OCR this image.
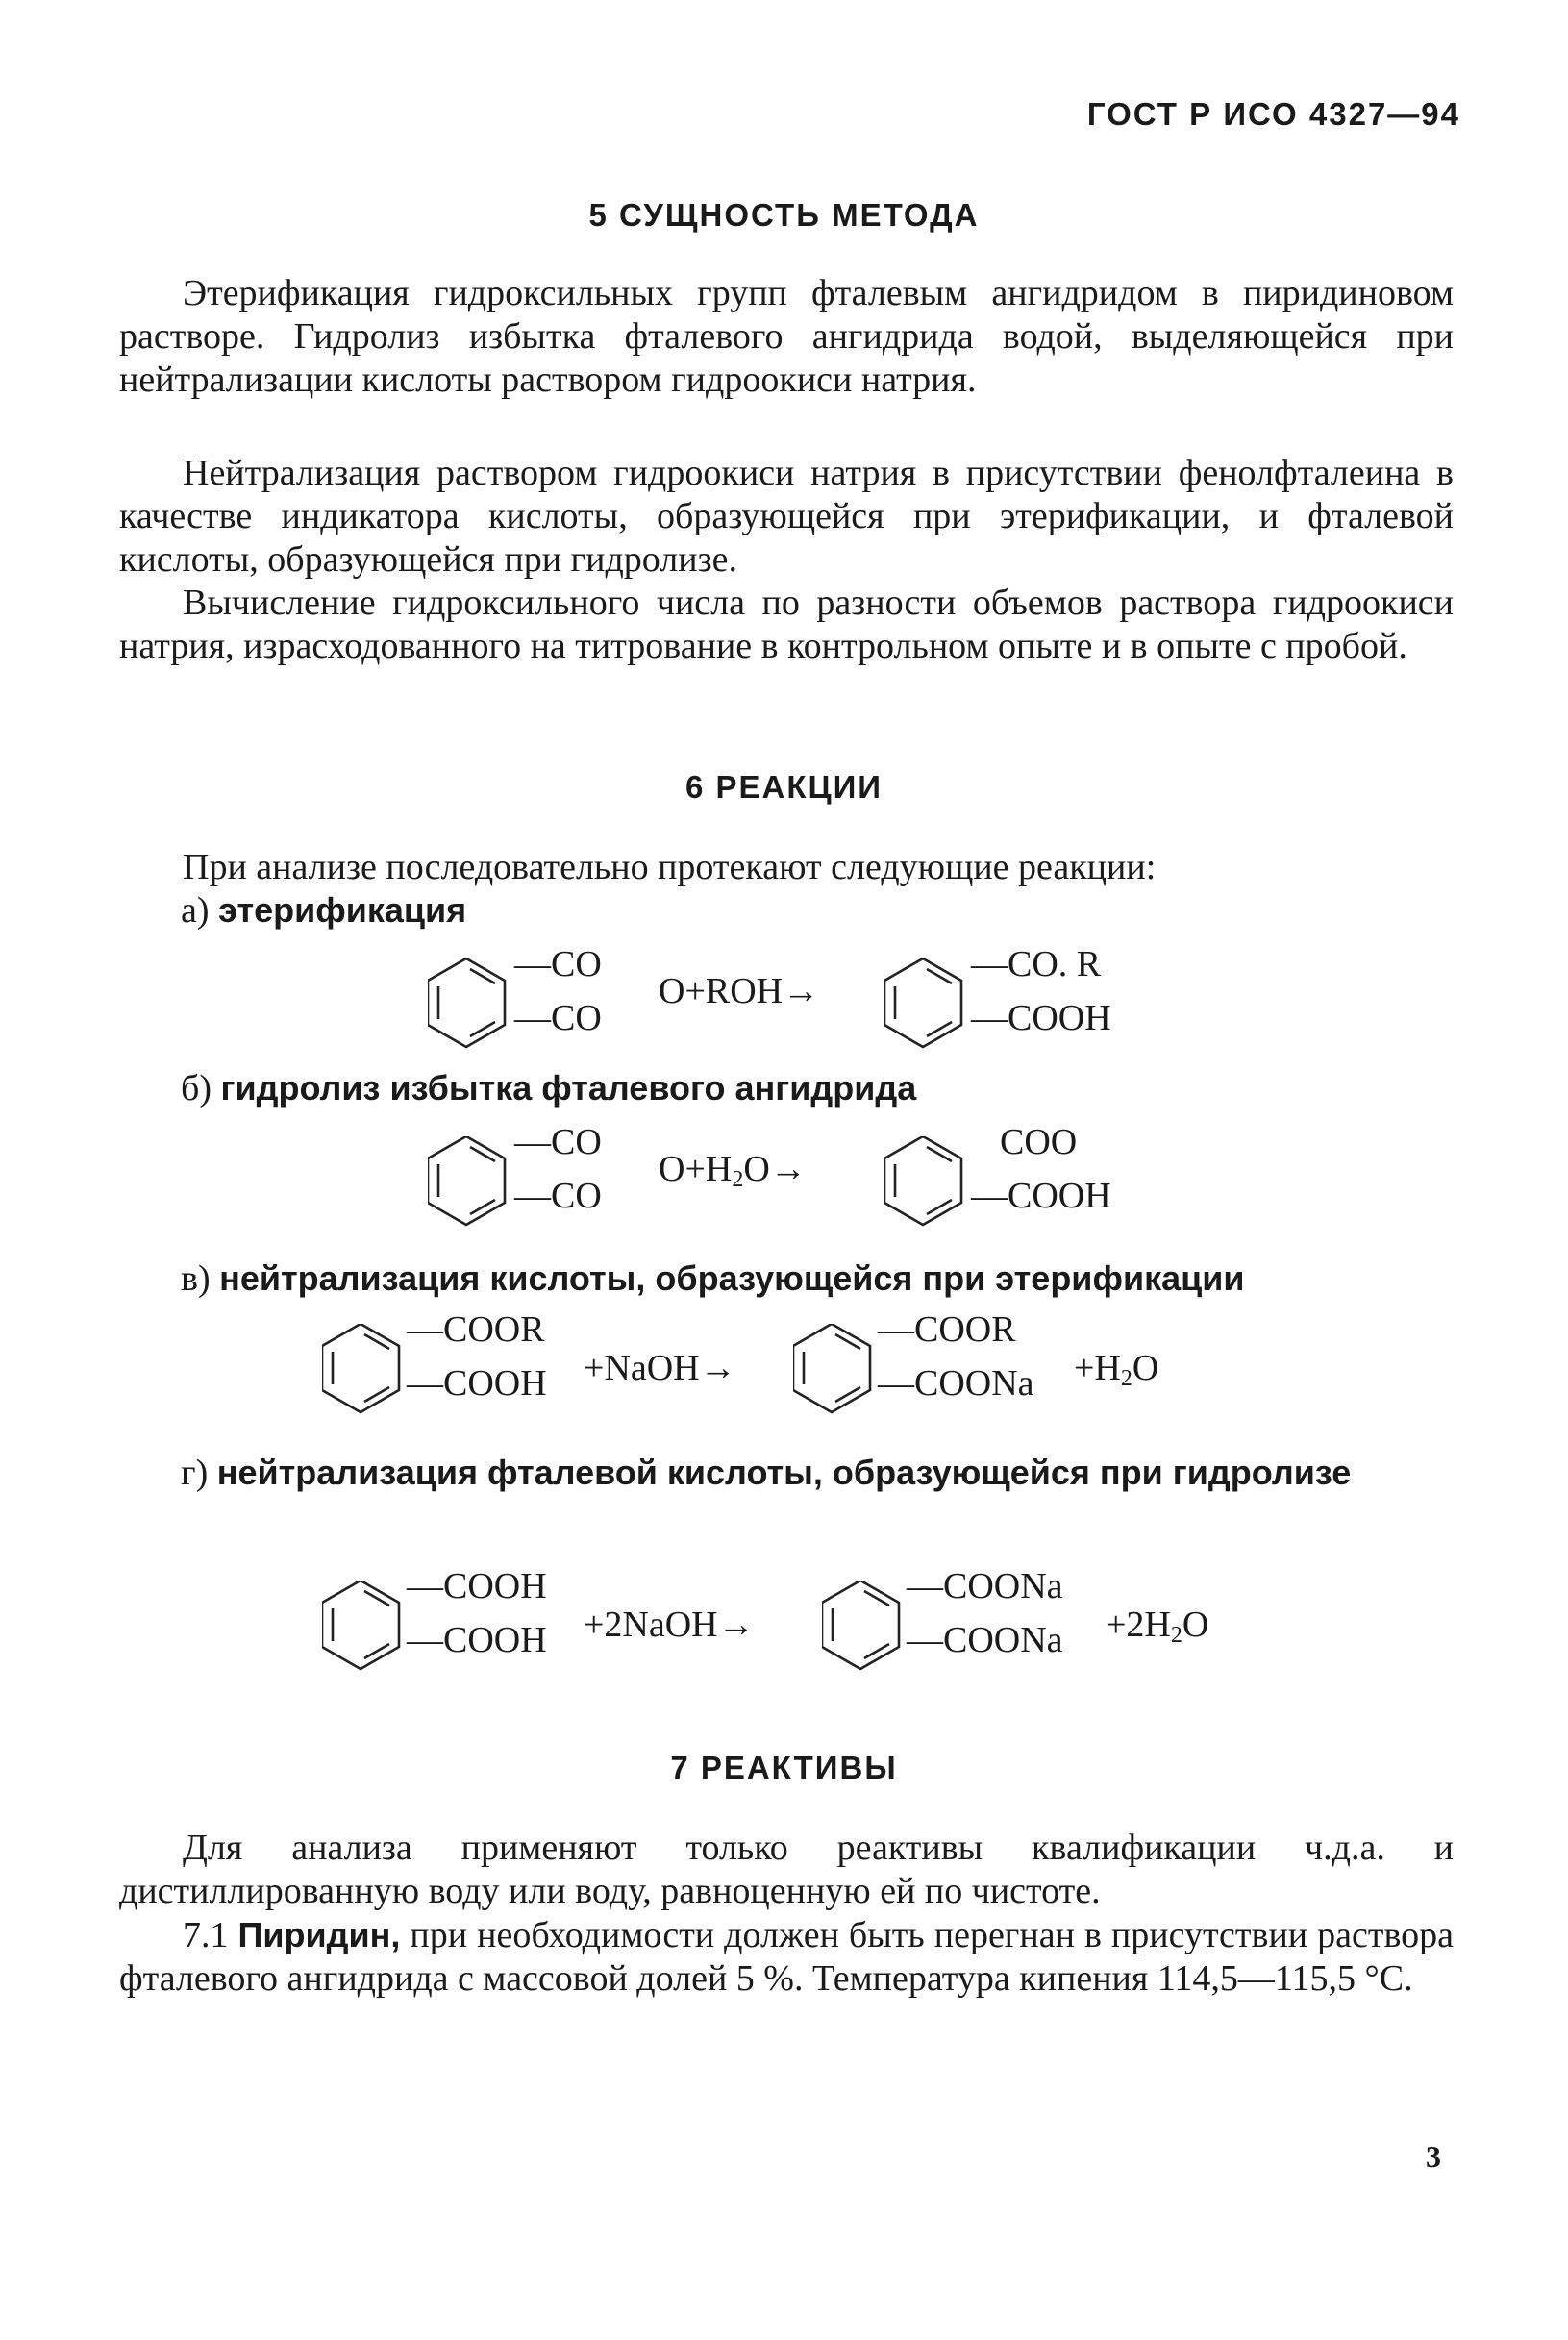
ГОСТ Р ИСО 4327—94
5 СУЩНОСТЬ МЕТОДА
Этерификация гидроксильных групп фталевым ангидридом в пиридиновом растворе. Гидролиз избытка фталевого ангидрида водой, выделяющейся при нейтрализации кислоты раствором гидроокиси натрия.
Нейтрализация раствором гидроокиси натрия в присутствии фенолфталеина в качестве индикатора кислоты, образующейся при этерификации, и фталевой кислоты, образующейся при гидролизе.
Вычисление гидроксильного числа по разности объемов раствора гидроокиси натрия, израсходованного на титрование в контрольном опыте и в опыте с пробой.
6 РЕАКЦИИ
При анализе последовательно протекают следующие реакции:
а) этерификация
—CO
—CO
O+ROH→
—CO. R
—COOH
б) гидролиз избытка фталевого ангидрида
—CO
—CO
$O+H_2O\to$
COO
—COOH
в) нейтрализация кислоты, образующейся при этерификации
—COOR
—COOH +NaOH→
—COOR
—COONa $+H_2O$
г) нейтрализация фталевой кислоты, образующейся при гидролизе
—COOH
—COOH +2NaOH→
—COONa
—COONa $+2H_2O$
7 РЕАКТИВЫ
Для анализа применяют только реактивы квалификации ч.д.а. и дистиллированную воду или воду, равноценную ей по чистоте.
7.1 Пиридин, при необходимости должен быть перегнан в присутствии раствора фталевого ангидрида с массовой долей 5 %. Температура кипения 114,5—115,5 °С.
3
